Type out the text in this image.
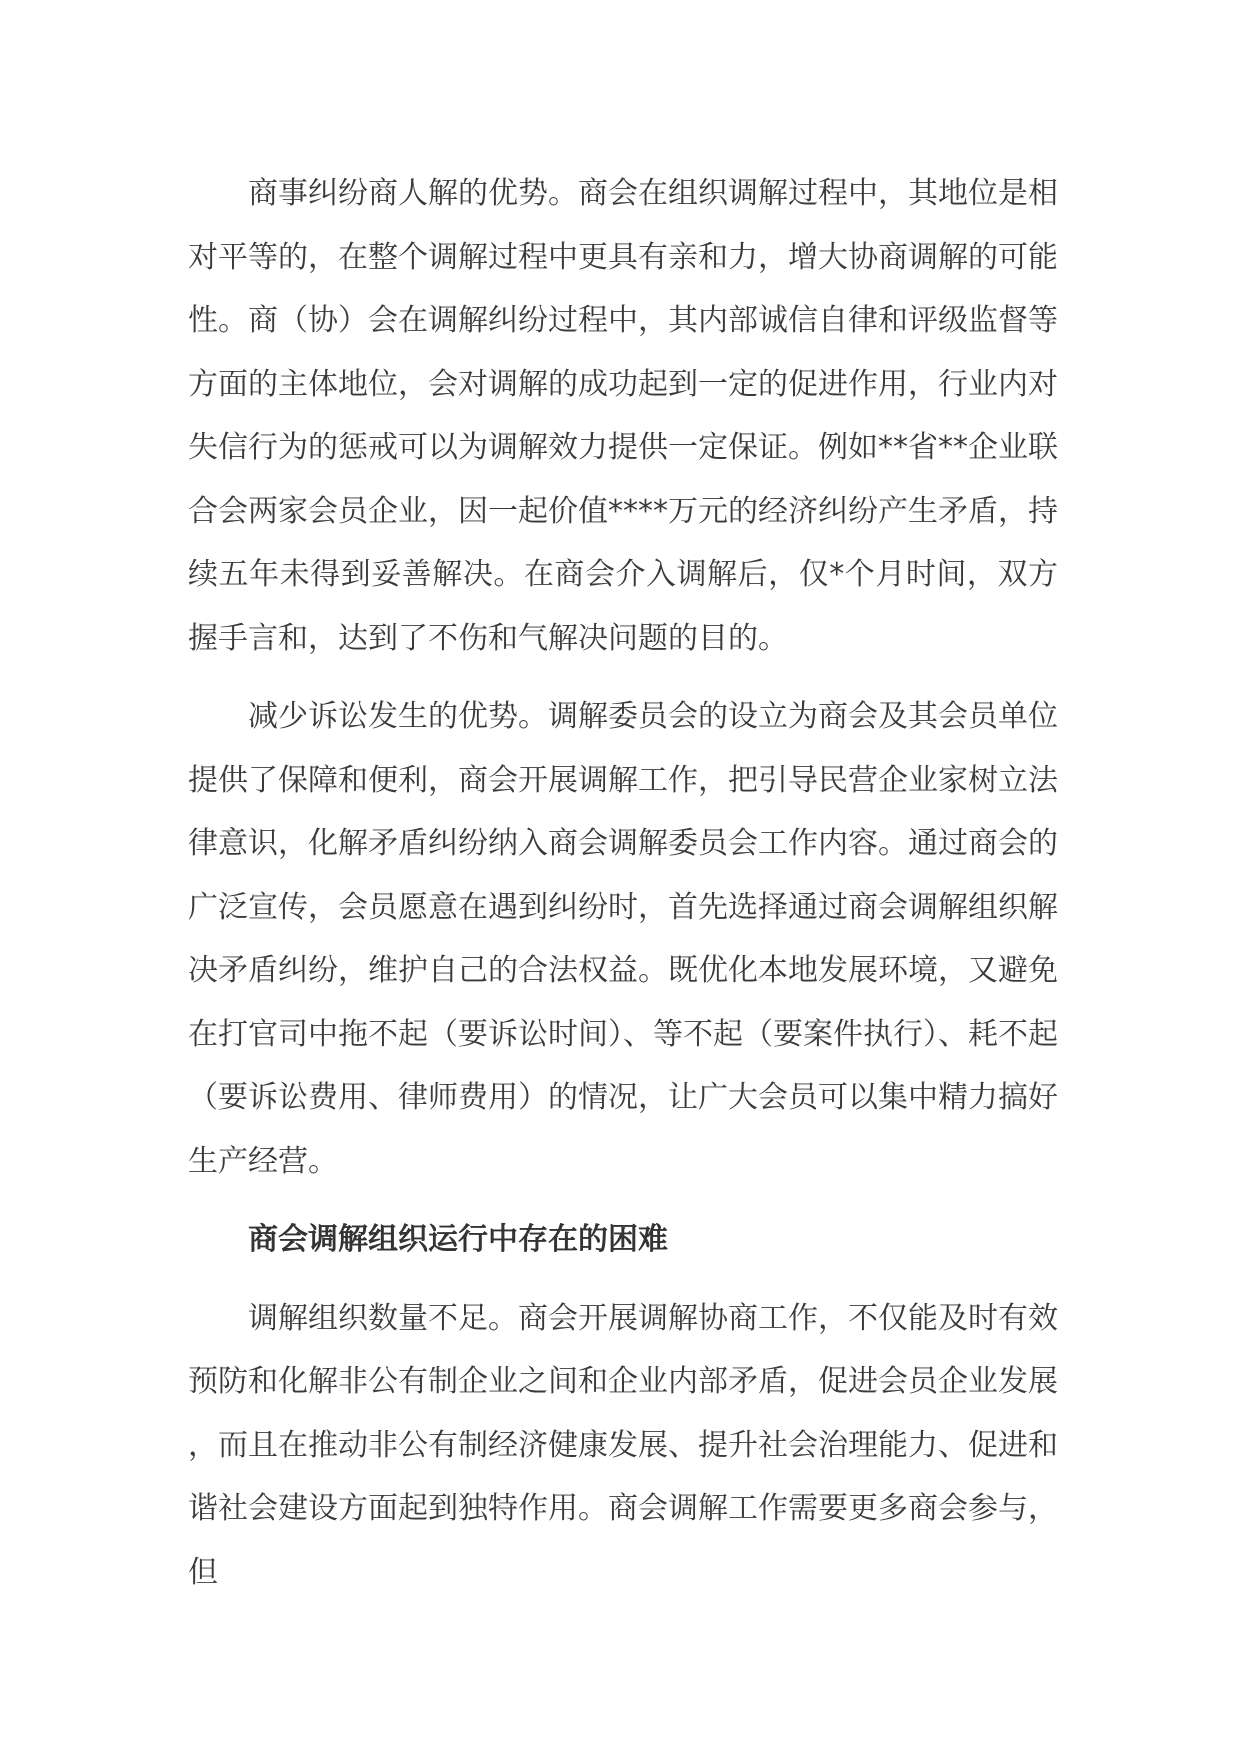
商事纠纷商人解的优势。商会在组织调解过程中，其地位是相对平等的，在整个调解过程中更具有亲和力，增大协商调解的可能性。商（协）会在调解纠纷过程中，其内部诚信自律和评级监督等方面的主体地位，会对调解的成功起到一定的促进作用，行业内对失信行为的惩戒可以为调解效力提供一定保证。例如**省**企业联合会两家会员企业，因一起价值****万元的经济纠纷产生矛盾，持续五年未得到妥善解决。在商会介入调解后，仅*个月时间，双方握手言和，达到了不伤和气解决问题的目的。

减少诉讼发生的优势。调解委员会的设立为商会及其会员单位提供了保障和便利，商会开展调解工作，把引导民营企业家树立法律意识，化解矛盾纠纷纳入商会调解委员会工作内容。通过商会的广泛宣传，会员愿意在遇到纠纷时，首先选择通过商会调解组织解决矛盾纠纷，维护自己的合法权益。既优化本地发展环境，又避免在打官司中拖不起（要诉讼时间）、等不起（要案件执行）、耗不起（要诉讼费用、律师费用）的情况，让广大会员可以集中精力搞好生产经营。

商会调解组织运行中存在的困难

调解组织数量不足。商会开展调解协商工作，不仅能及时有效预防和化解非公有制企业之间和企业内部矛盾，促进会员企业发展，而且在推动非公有制经济健康发展、提升社会治理能力、促进和谐社会建设方面起到独特作用。商会调解工作需要更多商会参与，但
